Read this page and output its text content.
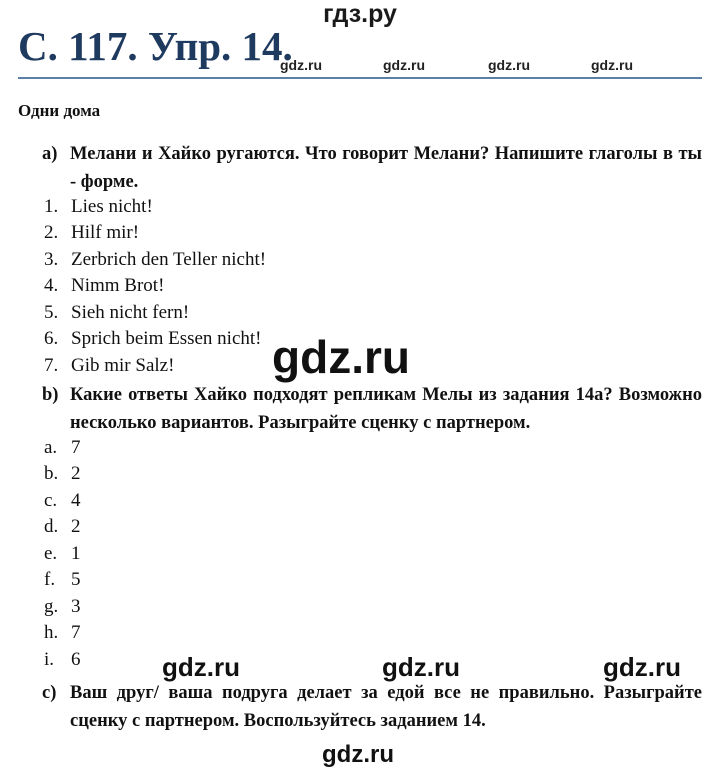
гдз.ру
С. 117. Упр. 14.
gdz.ru	gdz.ru	gdz.ru	gdz.ru
Одни дома
a) Мелани и Хайко ругаются. Что говорит Мелани? Напишите глаголы в ты - форме.
1. Lies nicht!
2. Hilf mir!
3. Zerbrich den Teller nicht!
4. Nimm Brot!
5. Sieh nicht fern!
6. Sprich beim Essen nicht!
7. Gib mir Salz! gdz.ru
b) Какие ответы Хайко подходят репликам Мелы из задания 14а? Возможно несколько вариантов. Разыграйте сценку с партнером.
a. 7
b. 2
c. 4
d. 2
e. 1
f. 5
g. 3
h. 7
i. 6	gdz.ru	gdz.ru	gdz.ru
c) Ваш друг/ ваша подруга делает за едой все не правильно. Разыграйте сценку с партнером. Воспользуйтесь заданием 14.
gdz.ru
